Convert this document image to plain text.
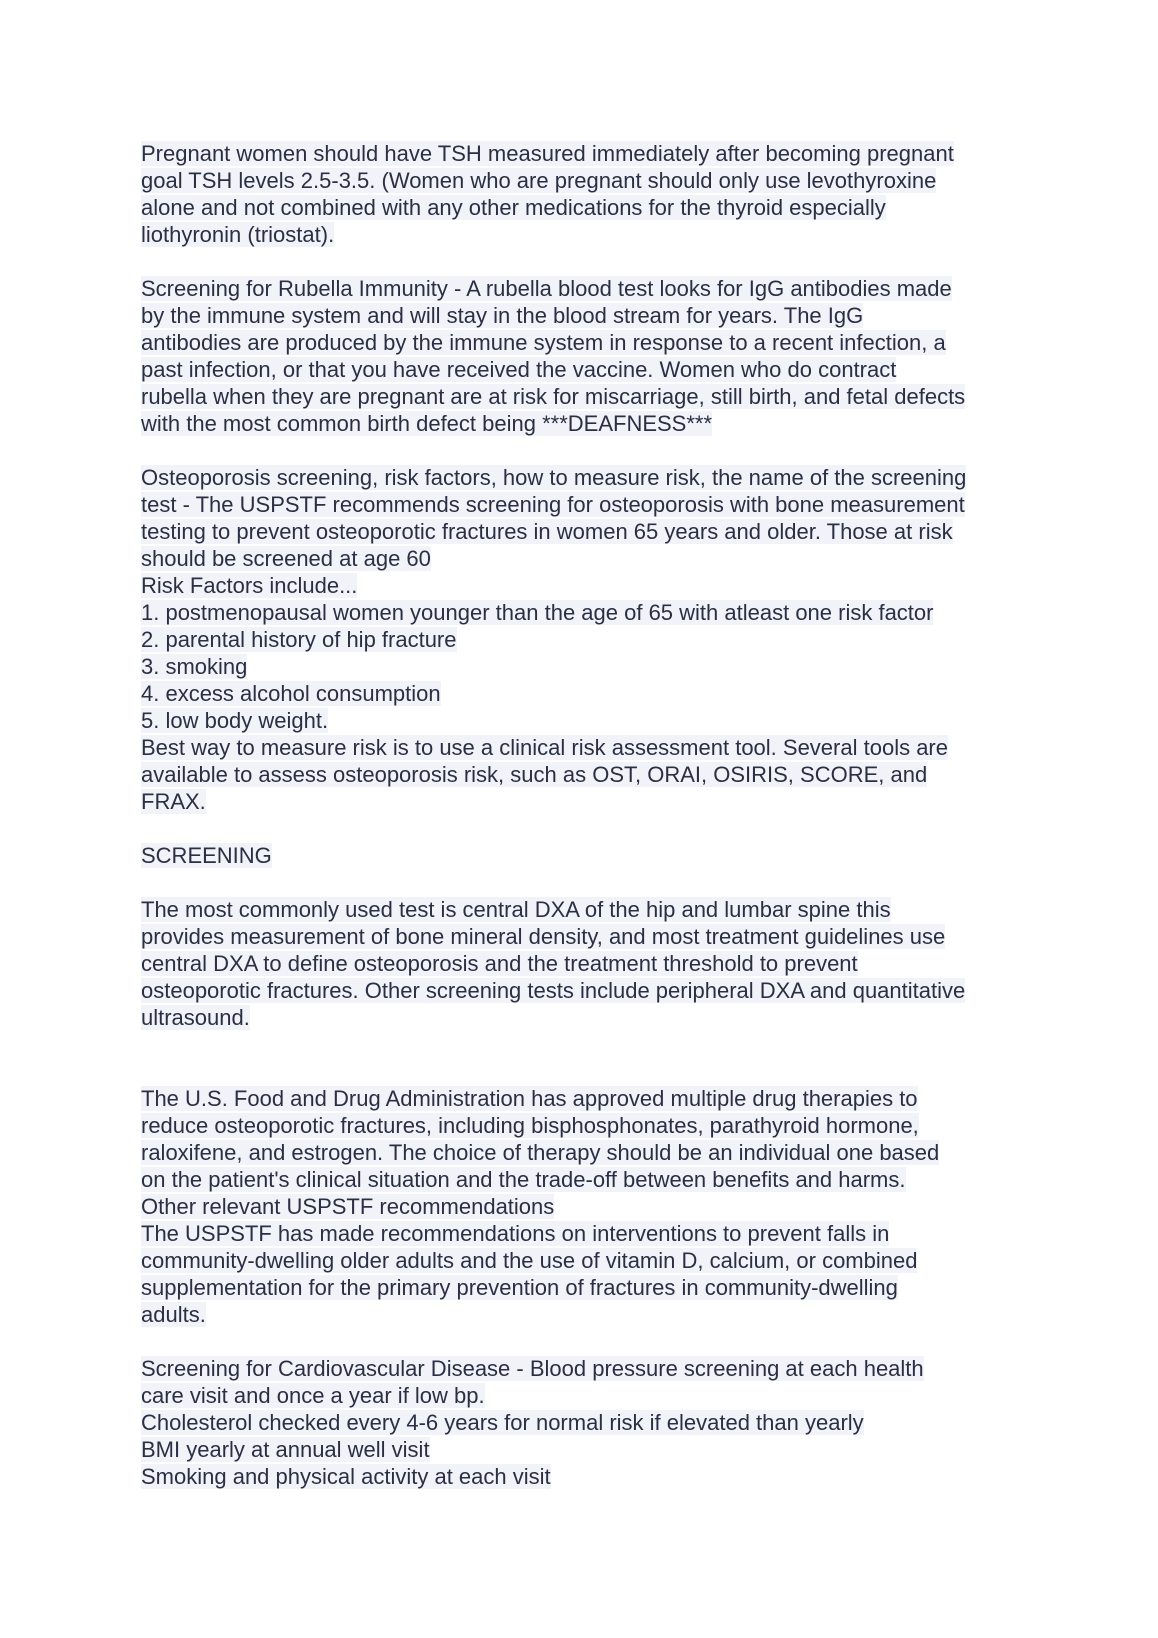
Pregnant women should have TSH measured immediately after becoming pregnant
goal TSH levels 2.5-3.5. (Women who are pregnant should only use levothyroxine
alone and not combined with any other medications for the thyroid especially
liothyronin (triostat).
Screening for Rubella Immunity - A rubella blood test looks for IgG antibodies made
by the immune system and will stay in the blood stream for years. The IgG
antibodies are produced by the immune system in response to a recent infection, a
past infection, or that you have received the vaccine. Women who do contract
rubella when they are pregnant are at risk for miscarriage, still birth, and fetal defects
with the most common birth defect being ***DEAFNESS***
Osteoporosis screening, risk factors, how to measure risk, the name of the screening
test - The USPSTF recommends screening for osteoporosis with bone measurement
testing to prevent osteoporotic fractures in women 65 years and older. Those at risk
should be screened at age 60
Risk Factors include...
1. postmenopausal women younger than the age of 65 with atleast one risk factor
2. parental history of hip fracture
3. smoking
4. excess alcohol consumption
5. low body weight.
Best way to measure risk is to use a clinical risk assessment tool. Several tools are
available to assess osteoporosis risk, such as OST, ORAI, OSIRIS, SCORE, and
FRAX.
SCREENING
The most commonly used test is central DXA of the hip and lumbar spine this
provides measurement of bone mineral density, and most treatment guidelines use
central DXA to define osteoporosis and the treatment threshold to prevent
osteoporotic fractures. Other screening tests include peripheral DXA and quantitative
ultrasound.
The U.S. Food and Drug Administration has approved multiple drug therapies to
reduce osteoporotic fractures, including bisphosphonates, parathyroid hormone,
raloxifene, and estrogen. The choice of therapy should be an individual one based
on the patient's clinical situation and the trade-off between benefits and harms.
Other relevant USPSTF recommendations
The USPSTF has made recommendations on interventions to prevent falls in
community-dwelling older adults and the use of vitamin D, calcium, or combined
supplementation for the primary prevention of fractures in community-dwelling
adults.
Screening for Cardiovascular Disease - Blood pressure screening at each health
care visit and once a year if low bp.
Cholesterol checked every 4-6 years for normal risk if elevated than yearly
BMI yearly at annual well visit
Smoking and physical activity at each visit
